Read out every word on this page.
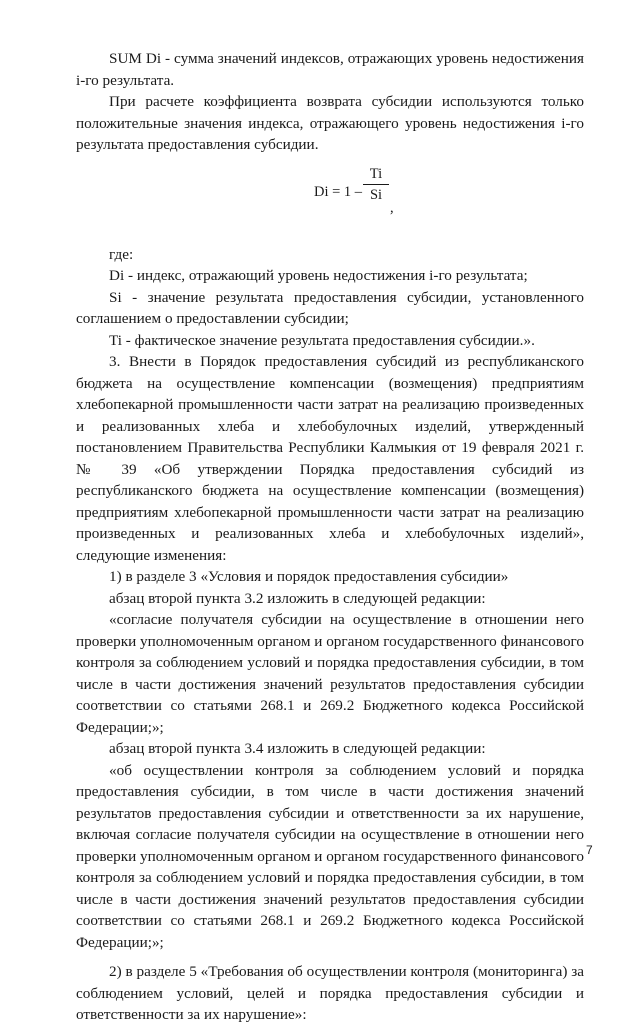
SUM Di - сумма значений индексов, отражающих уровень недостижения i-го результата.

При расчете коэффициента возврата субсидии используются только положительные значения индекса, отражающего уровень недостижения i-го результата предоставления субсидии.

Di = 1 –
Ti
Si
,

где:

Di - индекс, отражающий уровень недостижения i-го результата;

Si - значение результата предоставления субсидии, установленного соглашением о предоставлении субсидии;

Ti - фактическое значение результата предоставления субсидии.».

3. Внести в Порядок предоставления субсидий из республиканского бюджета на осуществление компенсации (возмещения) предприятиям хлебопекарной промышленности части затрат на реализацию произведенных и реализованных хлеба и хлебобулочных изделий, утвержденный постановлением Правительства Республики Калмыкия от 19 февраля 2021 г. № 39 «Об утверждении Порядка предоставления субсидий из республиканского бюджета на осуществление компенсации (возмещения) предприятиям хлебопекарной промышленности части затрат на реализацию произведенных и реализованных хлеба и хлебобулочных изделий», следующие изменения:

1) в разделе 3 «Условия и порядок предоставления субсидии»

абзац второй пункта 3.2 изложить в следующей редакции:

«согласие получателя субсидии на осуществление в отношении него проверки уполномоченным органом и органом государственного финансового контроля за соблюдением условий и порядка предоставления субсидии, в том числе в части достижения значений результатов предоставления субсидии соответствии со статьями 268.1 и 269.2 Бюджетного кодекса Российской Федерации;»;

абзац второй пункта 3.4 изложить в следующей редакции:

«об осуществлении контроля за соблюдением условий и порядка предоставления субсидии, в том числе в части достижения значений результатов предоставления субсидии и ответственности за их нарушение, включая согласие получателя субсидии на осуществление в отношении него проверки уполномоченным органом и органом государственного финансового контроля за соблюдением условий и порядка предоставления субсидии, в том числе в части достижения значений результатов предоставления субсидии соответствии со статьями 268.1 и 269.2 Бюджетного кодекса Российской Федерации;»;

2) в разделе 5 «Требования об осуществлении контроля (мониторинга) за соблюдением условий, целей и порядка предоставления субсидии и ответственности за их нарушение»:

7
